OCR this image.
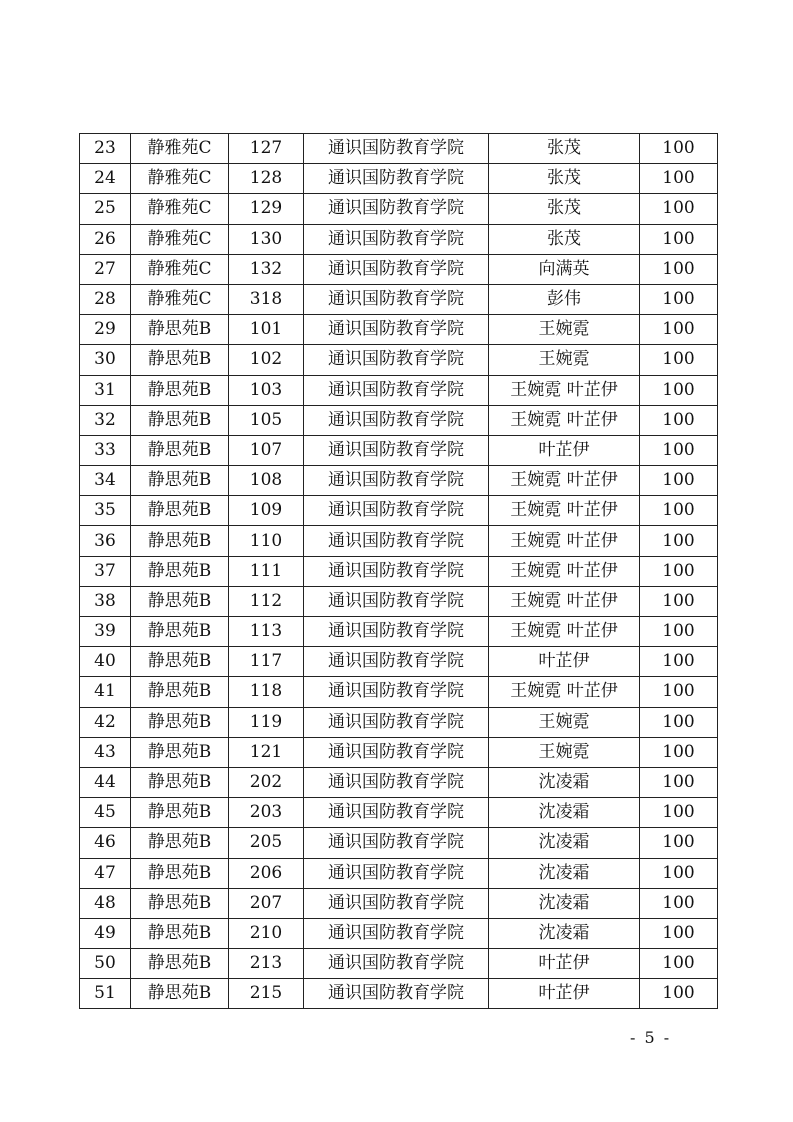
23	静雅苑C	127	通识国防教育学院	张茂	100
24	静雅苑C	128	通识国防教育学院	张茂	100
25	静雅苑C	129	通识国防教育学院	张茂	100
26	静雅苑C	130	通识国防教育学院	张茂	100
27	静雅苑C	132	通识国防教育学院	向满英	100
28	静雅苑C	318	通识国防教育学院	彭伟	100
29	静思苑B	101	通识国防教育学院	王婉霓	100
30	静思苑B	102	通识国防教育学院	王婉霓	100
31	静思苑B	103	通识国防教育学院	王婉霓 叶芷伊	100
32	静思苑B	105	通识国防教育学院	王婉霓 叶芷伊	100
33	静思苑B	107	通识国防教育学院	叶芷伊	100
34	静思苑B	108	通识国防教育学院	王婉霓 叶芷伊	100
35	静思苑B	109	通识国防教育学院	王婉霓 叶芷伊	100
36	静思苑B	110	通识国防教育学院	王婉霓 叶芷伊	100
37	静思苑B	111	通识国防教育学院	王婉霓 叶芷伊	100
38	静思苑B	112	通识国防教育学院	王婉霓 叶芷伊	100
39	静思苑B	113	通识国防教育学院	王婉霓 叶芷伊	100
40	静思苑B	117	通识国防教育学院	叶芷伊	100
41	静思苑B	118	通识国防教育学院	王婉霓 叶芷伊	100
42	静思苑B	119	通识国防教育学院	王婉霓	100
43	静思苑B	121	通识国防教育学院	王婉霓	100
44	静思苑B	202	通识国防教育学院	沈凌霜	100
45	静思苑B	203	通识国防教育学院	沈凌霜	100
46	静思苑B	205	通识国防教育学院	沈凌霜	100
47	静思苑B	206	通识国防教育学院	沈凌霜	100
48	静思苑B	207	通识国防教育学院	沈凌霜	100
49	静思苑B	210	通识国防教育学院	沈凌霜	100
50	静思苑B	213	通识国防教育学院	叶芷伊	100
51	静思苑B	215	通识国防教育学院	叶芷伊	100
- 5 -
